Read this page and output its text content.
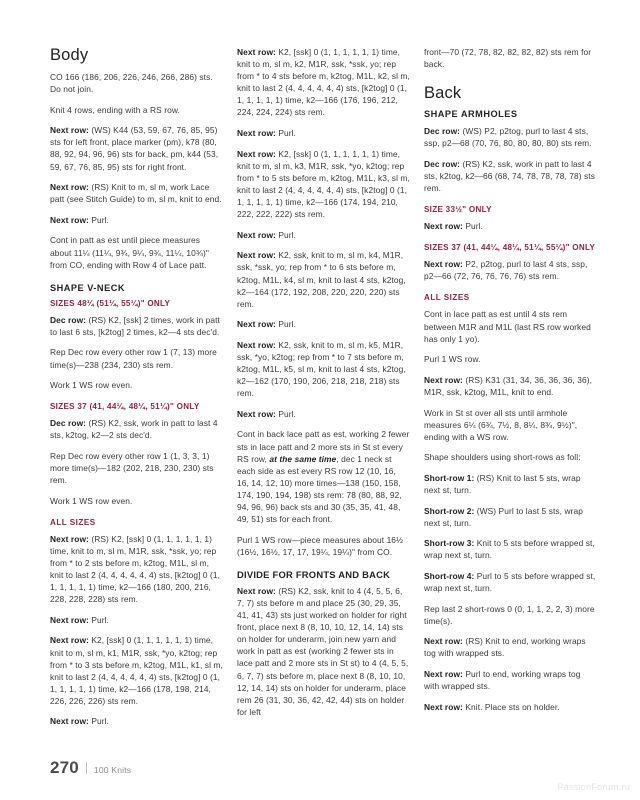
Body

CO 166 (186, 206, 226, 246, 266, 286) sts. Do not join.

Knit 4 rows, ending with a RS row.

Next row: (WS) K44 (53, 59, 67, 76, 85, 95) sts for left front, place marker (pm), k78 (80, 88, 92, 94, 96, 96) sts for back, pm, k44 (53, 59, 67, 76, 85, 95) sts for right front.

Next row: (RS) Knit to m, sl m, work Lace patt (see Stitch Guide) to m, sl m, knit to end.

Next row: Purl.

Cont in patt as est until piece measures about 11¼ (11¼, 9¾, 9¼, 9¾, 11¼, 10¾)" from CO, ending with Row 4 of Lace patt.

SHAPE V-NECK
SIZES 48¼ (51¼, 55¼)" ONLY

Dec row: (RS) K2, [ssk] 2 times, work in patt to last 6 sts, [k2tog] 2 times, k2—4 sts dec'd.

Rep Dec row every other row 1 (7, 13) more time(s)—238 (234, 230) sts rem.

Work 1 WS row even.

SIZES 37 (41, 44¼, 48¼, 51¼)" ONLY

Dec row: (RS) K2, ssk, work in patt to last 4 sts, k2tog, k2—2 sts dec'd.

Rep Dec row every other row 1 (1, 3, 3, 1) more time(s)—182 (202, 218, 230, 230) sts rem.

Work 1 WS row even.

ALL SIZES

Next row: (RS) K2, [ssk] 0 (1, 1, 1, 1, 1, 1) time, knit to m, sl m, M1R, ssk, *ssk, yo; rep from * to 2 sts before m, k2tog, M1L, sl m, knit to last 2 (4, 4, 4, 4, 4, 4) sts, [k2tog] 0 (1, 1, 1, 1, 1, 1) time, k2—166 (180, 200, 216, 228, 228, 228) sts rem.

Next row: Purl.

Next row: K2, [ssk] 0 (1, 1, 1, 1, 1, 1) time, knit to m, sl m, k1, M1R, ssk, *yo, k2tog; rep from * to 3 sts before m, k2tog, M1L, k1, sl m, knit to last 2 (4, 4, 4, 4, 4, 4) sts, [k2tog] 0 (1, 1, 1, 1, 1, 1) time, k2—166 (178, 198, 214, 226, 226, 226) sts rem.

Next row: Purl.

Next row: K2, [ssk] 0 (1, 1, 1, 1, 1, 1) time, knit to m, sl m, k2, M1R, ssk, *ssk, yo; rep from * to 4 sts before m, k2tog, M1L, k2, sl m, knit to last 2 (4, 4, 4, 4, 4, 4) sts, [k2tog] 0 (1, 1, 1, 1, 1, 1) time, k2—166 (176, 196, 212, 224, 224, 224) sts rem.

Next row: Purl.

Next row: K2, [ssk] 0 (1, 1, 1, 1, 1, 1) time, knit to m, sl m, k3, M1R, ssk, *yo, k2tog; rep from * to 5 sts before m, k2tog, M1L, k3, sl m, knit to last 2 (4, 4, 4, 4, 4, 4) sts, [k2tog] 0 (1, 1, 1, 1, 1, 1) time, k2—166 (174, 194, 210, 222, 222, 222) sts rem.

Next row: Purl.

Next row: K2, ssk, knit to m, sl m, k4, M1R, ssk, *ssk, yo; rep from * to 6 sts before m, k2tog, M1L, k4, sl m, knit to last 4 sts, k2tog, k2—164 (172, 192, 208, 220, 220, 220) sts rem.

Next row: Purl.

Next row: K2, ssk, knit to m, sl m, k5, M1R, ssk, *yo, k2tog; rep from * to 7 sts before m, k2tog, M1L, k5, sl m, knit to last 4 sts, k2tog, k2—162 (170, 190, 206, 218, 218, 218) sts rem.

Next row: Purl.

Cont in back lace patt as est, working 2 fewer sts in lace patt and 2 more sts in St st every RS row, at the same time, dec 1 neck st each side as est every RS row 12 (10, 16, 16, 14, 12, 10) more times—138 (150, 158, 174, 190, 194, 198) sts rem: 78 (80, 88, 92, 94, 96, 96) back sts and 30 (35, 35, 41, 48, 49, 51) sts for each front.

Purl 1 WS row—piece measures about 16½ (16½, 16½, 17, 17, 19¼, 19¼)" from CO.

DIVIDE FOR FRONTS AND BACK

Next row: (RS) K2, ssk, knit to 4 (4, 5, 5, 6, 7, 7) sts before m and place 25 (30, 29, 35, 41, 41, 43) sts just worked on holder for right front, place next 8 (8, 10, 10, 12, 14, 14) sts on holder for underarm, join new yarn and work in patt as est (working 2 fewer sts in lace patt and 2 more sts in St st) to 4 (4, 5, 5, 6, 7, 7) sts before m, place next 8 (8, 10, 10, 12, 14, 14) sts on holder for underarm, place rem 26 (31, 30, 36, 42, 42, 44) sts on holder for left

front—70 (72, 78, 82, 82, 82, 82) sts rem for back.

Back
SHAPE ARMHOLES

Dec row: (WS) P2, p2tog, purl to last 4 sts, ssp, p2—68 (70, 76, 80, 80, 80, 80) sts rem.

Dec row: (RS) K2, ssk, work in patt to last 4 sts, k2tog, k2—66 (68, 74, 78, 78, 78, 78) sts rem.

SIZE 33½" ONLY

Next row: Purl.

SIZES 37 (41, 44¼, 48¼, 51¼, 55¼)" ONLY

Next row: P2, p2tog, purl to last 4 sts, ssp, p2—66 (72, 76, 76, 76, 76) sts rem.

ALL SIZES

Cont in lace patt as est until 4 sts rem between M1R and M1L (last RS row worked has only 1 yo).

Purl 1 WS row.

Next row: (RS) K31 (31, 34, 36, 36, 36, 36), M1R, ssk, k2tog, M1L, knit to end.

Work in St st over all sts until armhole measures 6¼ (6¾, 7½, 8, 8¼, 8¾, 9½)", ending with a WS row.

Shape shoulders using short-rows as foll:

Short-row 1: (RS) Knit to last 5 sts, wrap next st, turn.

Short-row 2: (WS) Purl to last 5 sts, wrap next st, turn.

Short-row 3: Knit to 5 sts before wrapped st, wrap next st, turn.

Short-row 4: Purl to 5 sts before wrapped st, wrap next st, turn.

Rep last 2 short-rows 0 (0, 1, 1, 2, 2, 3) more time(s).

Next row: (RS) Knit to end, working wraps tog with wrapped sts.

Next row: Purl to end, working wraps tog with wrapped sts.

Next row: Knit. Place sts on holder.

270 100 Knits
PassionForum.ru
